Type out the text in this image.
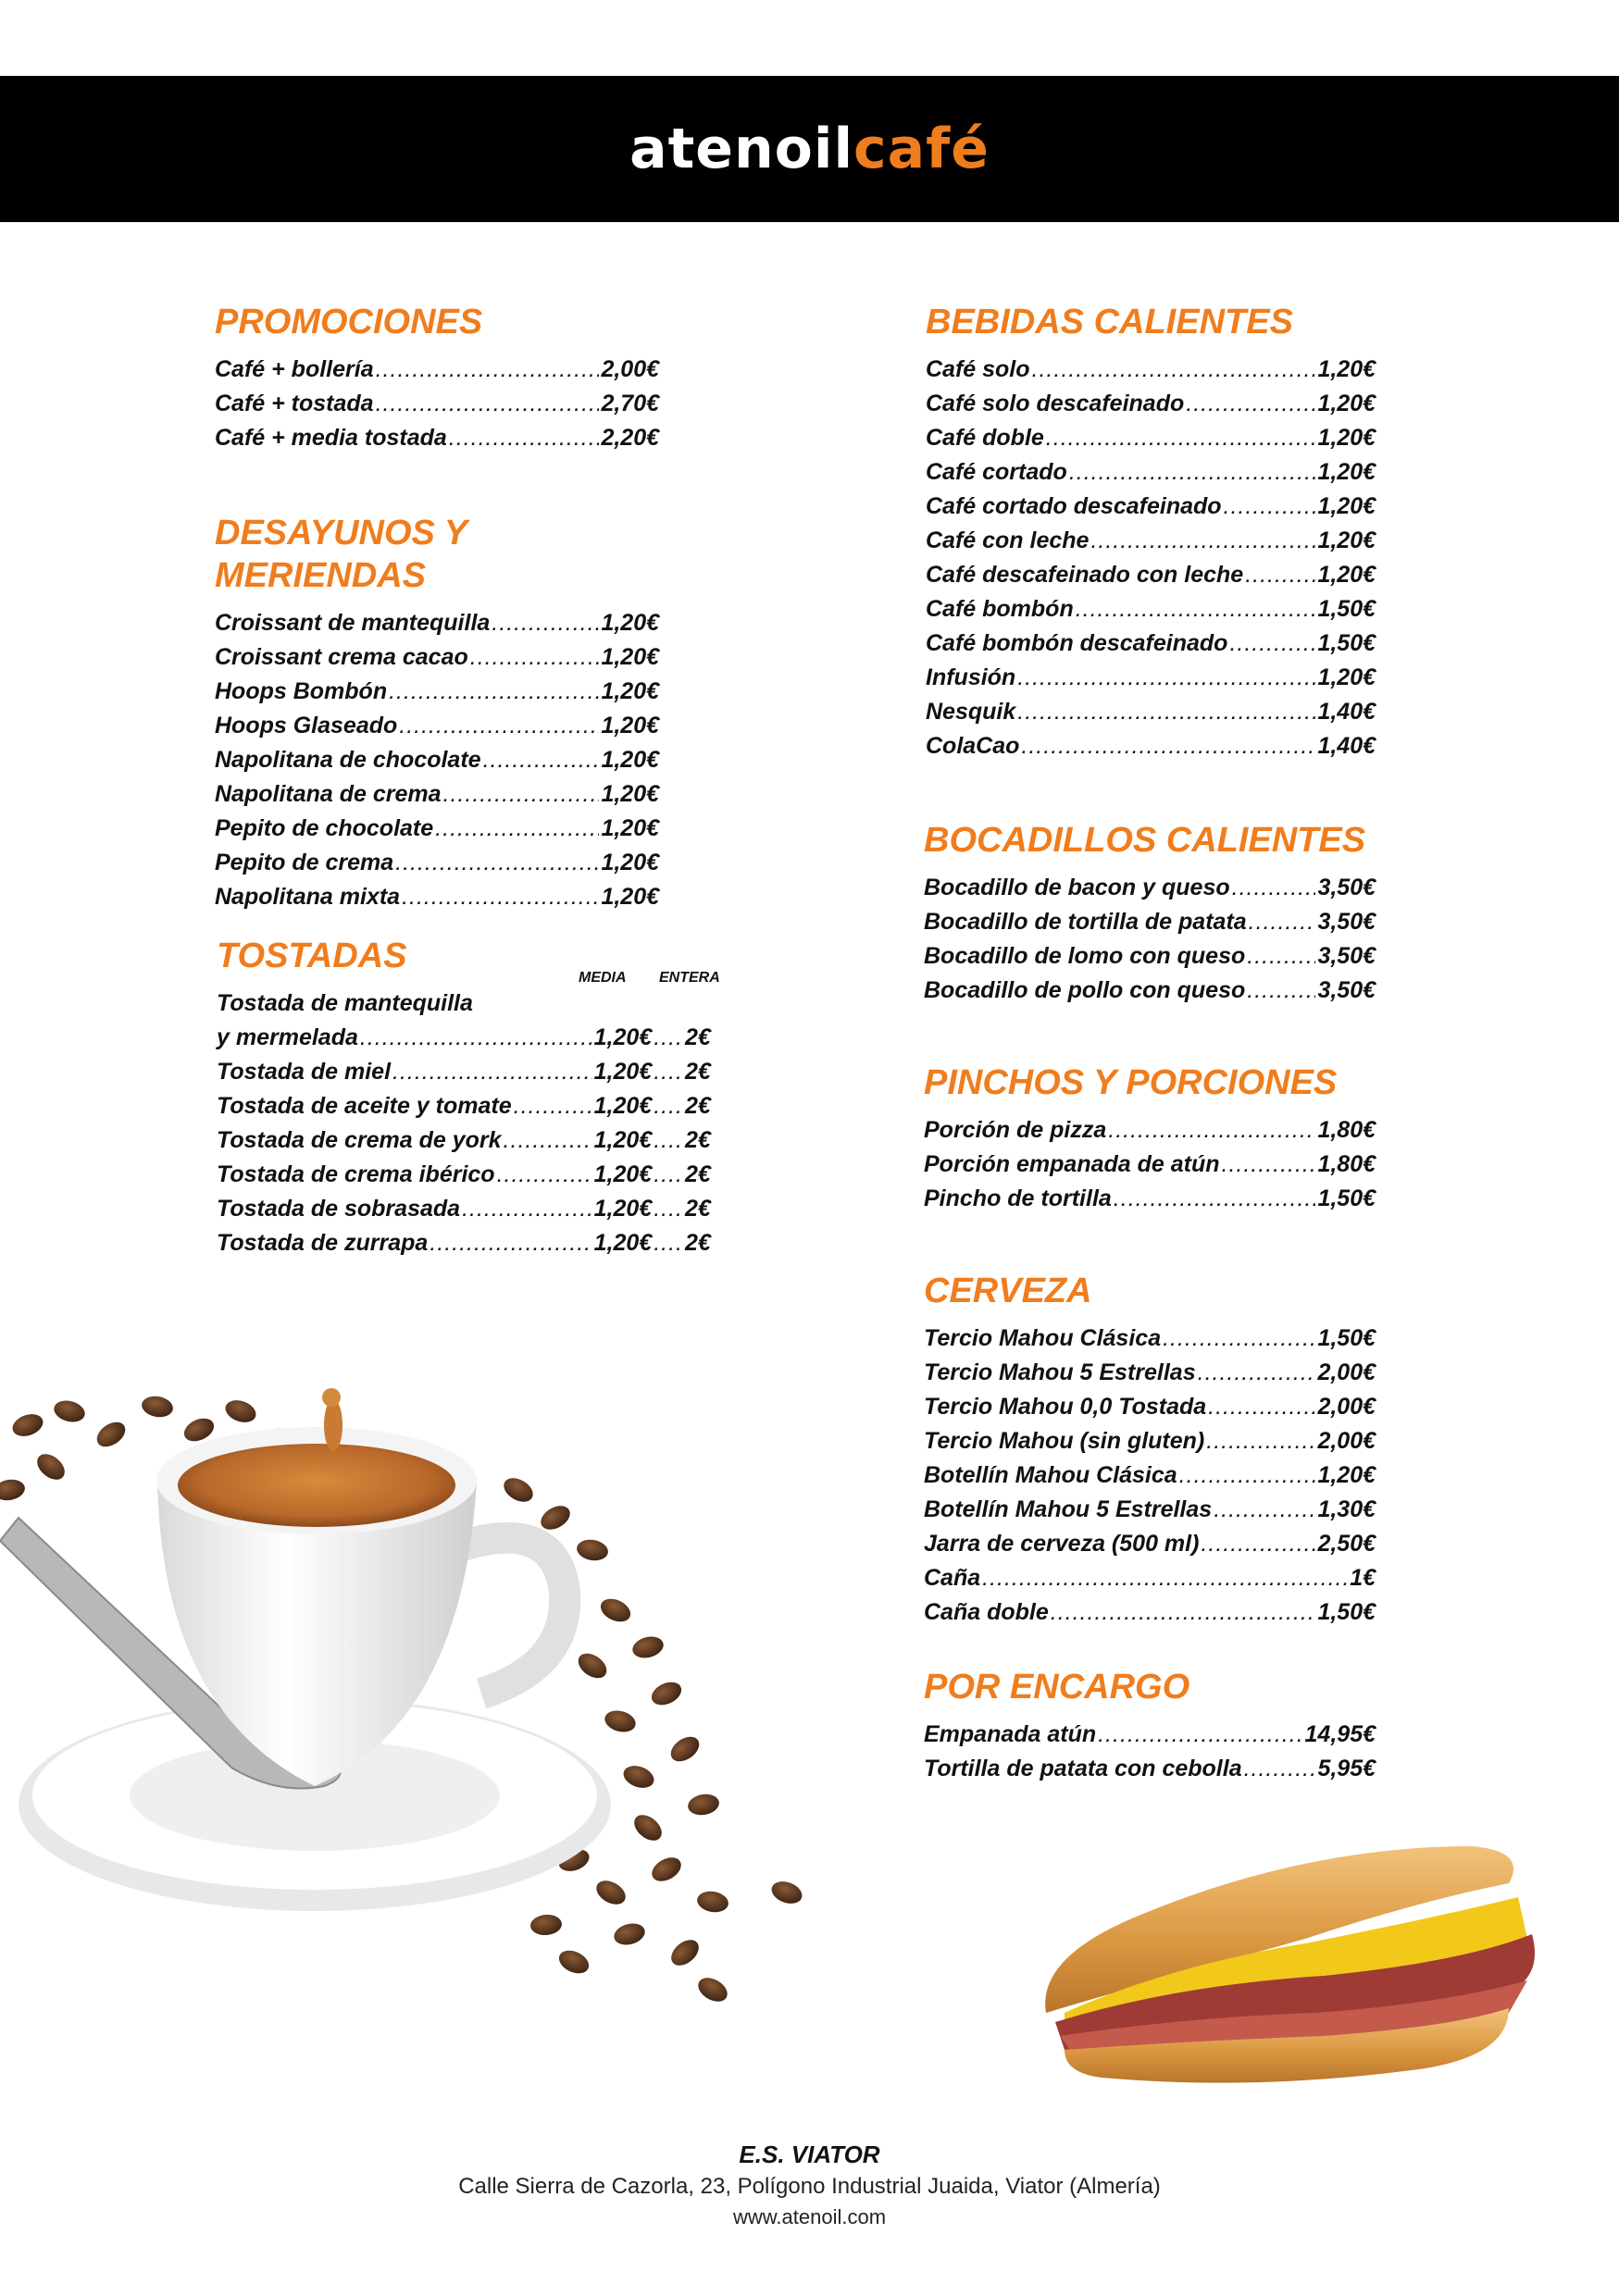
atenoilcafé
PROMOCIONES
Café + bollería .....	2,00€
Café + tostada .....	2,70€
Café + media tostada .....	2,20€
DESAYUNOS Y MERIENDAS
Croissant de mantequilla .....	1,20€
Croissant crema cacao .....	1,20€
Hoops Bombón .....	1,20€
Hoops Glaseado .....	1,20€
Napolitana de chocolate .....	1,20€
Napolitana de crema .....	1,20€
Pepito de chocolate .....	1,20€
Pepito de crema .....	1,20€
Napolitana mixta .....	1,20€
TOSTADAS
Tostada de mantequilla
y mermelada .....	1,20€ .... 2€
Tostada de miel .....	1,20€ .... 2€
Tostada de aceite y tomate .....	1,20€ .... 2€
Tostada de crema de york .....	1,20€ .... 2€
Tostada de crema ibérico .....	1,20€ .... 2€
Tostada de sobrasada .....	1,20€ .... 2€
Tostada de zurrapa .....	1,20€ .... 2€
MEDIA ENTERA
BEBIDAS CALIENTES
Café solo .....	1,20€
Café solo descafeinado .....	1,20€
Café doble .....	1,20€
Café cortado .....	1,20€
Café cortado descafeinado .....	1,20€
Café con leche .....	1,20€
Café descafeinado con leche .....	1,20€
Café bombón .....	1,50€
Café bombón descafeinado .....	1,50€
Infusión .....	1,20€
Nesquik .....	1,40€
ColaCao .....	1,40€
BOCADILLOS CALIENTES
Bocadillo de bacon y queso .....	3,50€
Bocadillo de tortilla de patata .....	3,50€
Bocadillo de lomo con queso .....	3,50€
Bocadillo de pollo con queso .....	3,50€
PINCHOS Y PORCIONES
Porción de pizza .....	1,80€
Porción empanada de atún .....	1,80€
Pincho de tortilla .....	1,50€
CERVEZA
Tercio Mahou Clásica .....	1,50€
Tercio Mahou 5 Estrellas .....	2,00€
Tercio Mahou 0,0 Tostada .....	2,00€
Tercio Mahou (sin gluten) .....	2,00€
Botellín Mahou Clásica .....	1,20€
Botellín Mahou 5 Estrellas .....	1,30€
Jarra de cerveza (500 ml) .....	2,50€
Caña .....	1€
Caña doble .....	1,50€
POR ENCARGO
Empanada atún .....	14,95€
Tortilla de patata con cebolla .....	5,95€
E.S. VIATOR
Calle Sierra de Cazorla, 23, Polígono Industrial Juaida, Viator (Almería)
www.atenoil.com
